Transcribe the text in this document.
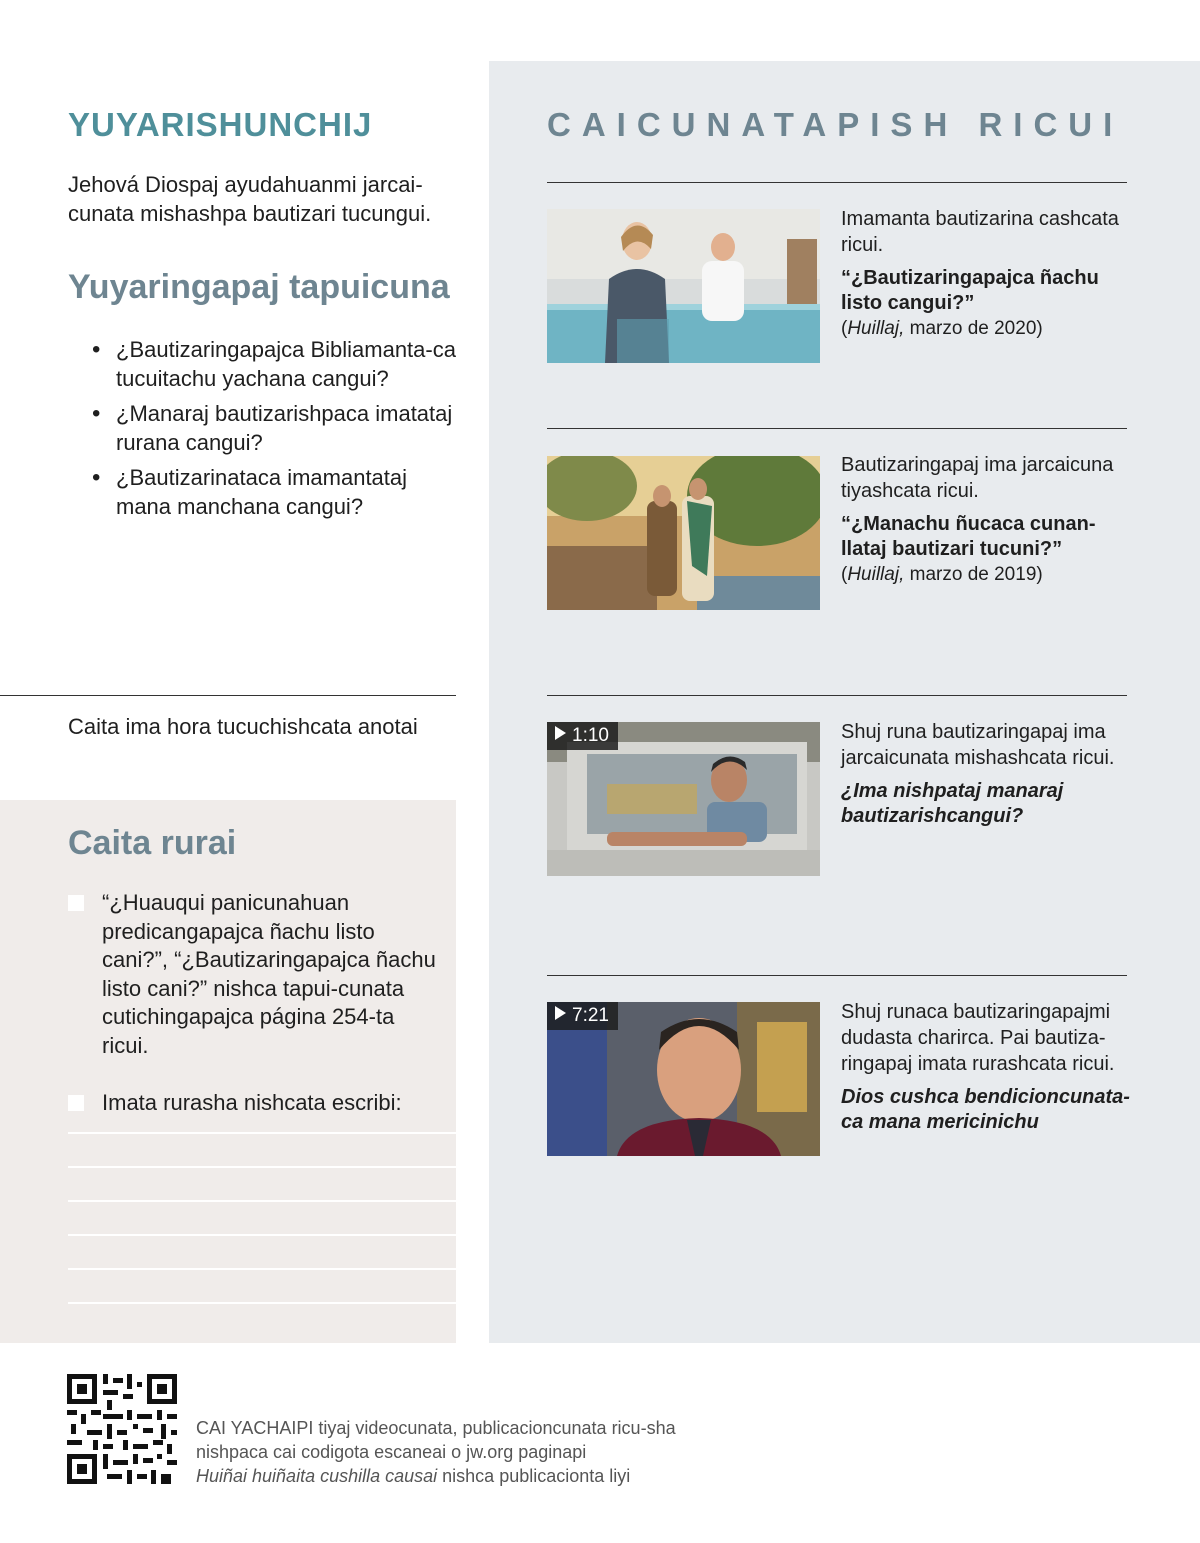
YUYARISHUNCHIJ

Jehová Diospaj ayudahuanmi jarcai-cunata mishashpa bautizari tucungui.

Yuyaringapaj tapuicuna
• ¿Bautizaringapajca Bibliamanta-ca tucuitachu yachana cangui?
• ¿Manaraj bautizarishpaca imatataj rurana cangui?
• ¿Bautizarinataca imamantataj mana manchana cangui?

Caita ima hora tucuchishcata anotai

Caita rurai
“¿Huauqui panicunahuan predicangapajca ñachu listo cani?”, “¿Bautizaringapajca ñachu listo cani?” nishca tapui-cunata cutichingapajca página 254-ta ricui.
Imata rurasha nishcata escribi:
CAICUNATAPISH RICUI

Imamanta bautizarina cashcata ricui.

“¿Bautizaringapajca ñachu listo cangui?”

(Huillaj, marzo de 2020)

Bautizaringapaj ima jarcaicuna tiyashcata ricui.

“¿Manachu ñucaca cunan-llataj bautizari tucuni?”

(Huillaj, marzo de 2019)

1:10	Shuj runa bautizaringapaj ima jarcaicunata mishashcata ricui.

¿Ima nishpataj manaraj bautizarishcangui?

7:21	Shuj runaca bautizaringapajmi dudasta charirca. Pai bautiza-ringapaj imata rurashcata ricui.

Dios cushca bendicioncunata-ca mana mericinichu

CAI YACHAIPI tiyaj videocunata, publicacioncunata ricu-sha nishpaca cai codigota escaneai o jw.org paginapi
Huiñai huiñaita cushilla causai nishca publicacionta liyi
